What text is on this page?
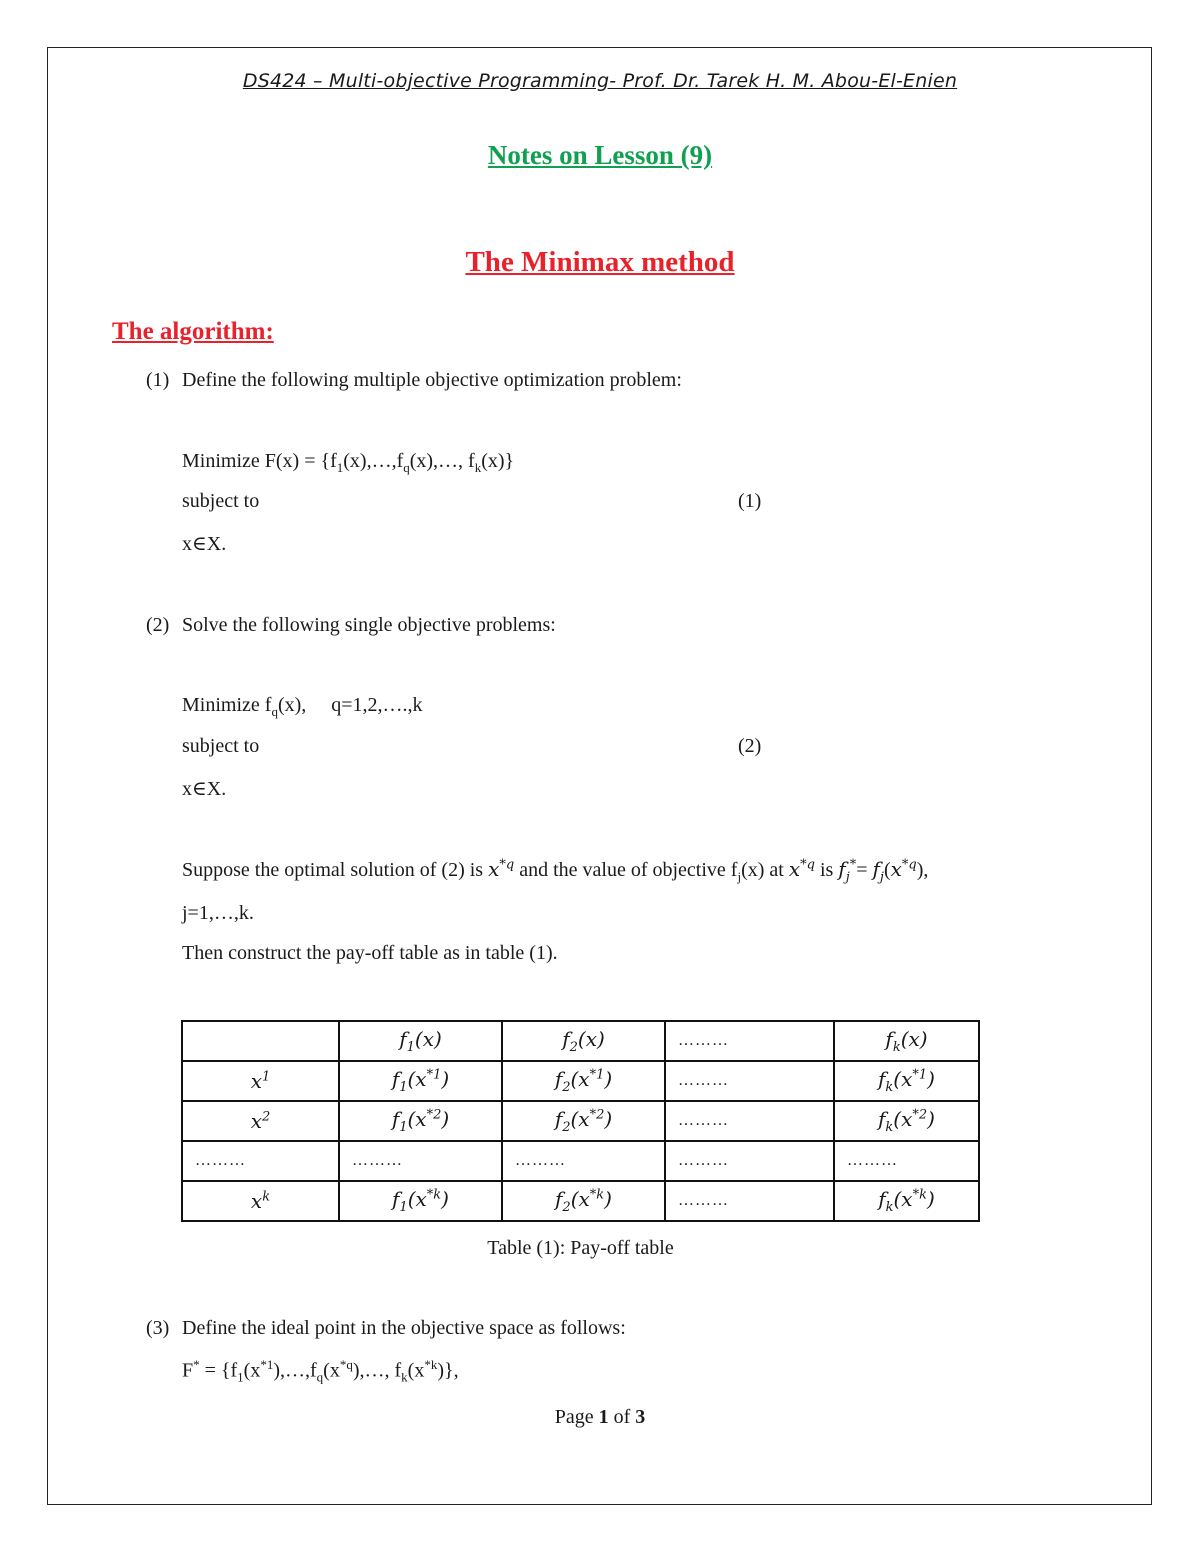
DS424 – Multi-objective Programming- Prof. Dr. Tarek H. M. Abou-El-Enien
Notes on Lesson (9)
The Minimax method
The algorithm:
(1) Define the following multiple objective optimization problem:
Minimize $F(x) = \{f_1(x),\dots,f_q(x),\dots$, $f_k(x)$}
subject to	(1)
x∈X.
(2) Solve the following single objective problems:
Minimize $f_q(x)$,     q=1,2,….,k
subject to	(2)
x∈X.
Suppose the optimal solution of (2) is $x^{*q}$ and the value of objective $f_j(x)$ at $x^{*q}$ is $f_j^*= f_j(x^{*q})$,
j=1,…,k.
Then construct the pay-off table as in table (1).
	$f_1(x)$	$f_2(x)$	………	$f_k(x)$
$x^1$	$f_1(x^{*1})$	$f_2(x^{*1})$	………	$f_k(x^{*1})$
$x^2$	$f_1(x^{*2})$	$f_2(x^{*2})$	………	$f_k(x^{*2})$
………	………	………	………	………
$x^k$	$f_1(x^{*k})$	$f_2(x^{*k})$	………	$f_k(x^{*k})$
Table (1): Pay-off table
(3) Define the ideal point in the objective space as follows:
$F^* = \{f_1(x^{*1}),\dots,f_q(x^{*q}),\dots$, $f_k(x^{*k})$},
Page 1 of 3
